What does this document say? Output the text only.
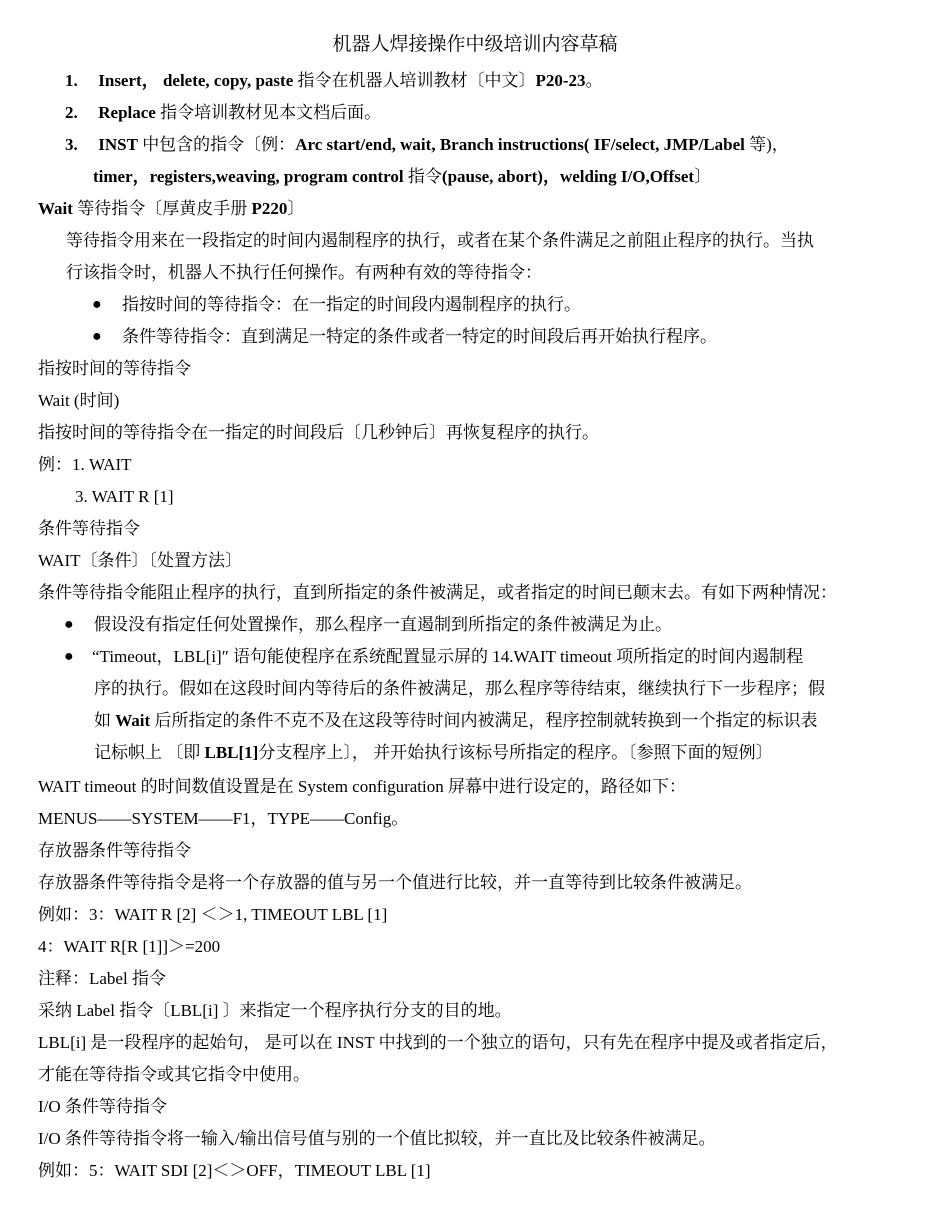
机器人焊接操作中级培训内容草稿
1. Insert， delete, copy, paste 指令在机器人培训教材〔中文〕P20-23。
2. Replace 指令培训教材见本文档后面。
3. INST 中包含的指令〔例：Arc start/end, wait, Branch instructions( IF/select, JMP/Label 等)，
timer，registers,weaving, program control 指令(pause, abort)，welding I/O,Offset〕
Wait 等待指令〔厚黄皮手册 P220〕
等待指令用来在一段指定的时间内遏制程序的执行，或者在某个条件满足之前阻止程序的执行。当执
行该指令时，机器人不执行任何操作。有两种有效的等待指令：
● 指按时间的等待指令：在一指定的时间段内遏制程序的执行。
● 条件等待指令：直到满足一特定的条件或者一特定的时间段后再开始执行程序。
指按时间的等待指令
Wait (时间)
指按时间的等待指令在一指定的时间段后〔几秒钟后〕再恢复程序的执行。
例：1. WAIT
3. WAIT R [1]
条件等待指令
WAIT〔条件〕〔处置方法〕
条件等待指令能阻止程序的执行，直到所指定的条件被满足，或者指定的时间已颠末去。有如下两种情况：
● 假设没有指定任何处置操作，那么程序一直遏制到所指定的条件被满足为止。
● “Timeout，LBL[i]″ 语句能使程序在系统配置显示屏的 14.WAIT timeout 项所指定的时间内遏制程
序的执行。假如在这段时间内等待后的条件被满足，那么程序等待结束，继续执行下一步程序；假
如 Wait 后所指定的条件不克不及在这段等待时间内被满足，程序控制就转换到一个指定的标识表
记标帜上 〔即 LBL[1]分支程序上〕， 并开始执行该标号所指定的程序。〔参照下面的短例〕
WAIT timeout 的时间数值设置是在 System configuration 屏幕中进行设定的，路径如下：
MENUS——SYSTEM——F1，TYPE——Config。
存放器条件等待指令
存放器条件等待指令是将一个存放器的值与另一个值进行比较，并一直等待到比较条件被满足。
例如：3：WAIT R [2] ＜＞1, TIMEOUT LBL [1]
4：WAIT R[R [1]]＞=200
注释：Label 指令
采纳 Label 指令〔LBL[i] 〕来指定一个程序执行分支的目的地。
LBL[i] 是一段程序的起始句， 是可以在 INST 中找到的一个独立的语句，只有先在程序中提及或者指定后，
才能在等待指令或其它指令中使用。
I/O 条件等待指令
I/O 条件等待指令将一输入/输出信号值与别的一个值比拟较，并一直比及比较条件被满足。
例如：5：WAIT SDI [2]＜＞OFF，TIMEOUT LBL [1]
